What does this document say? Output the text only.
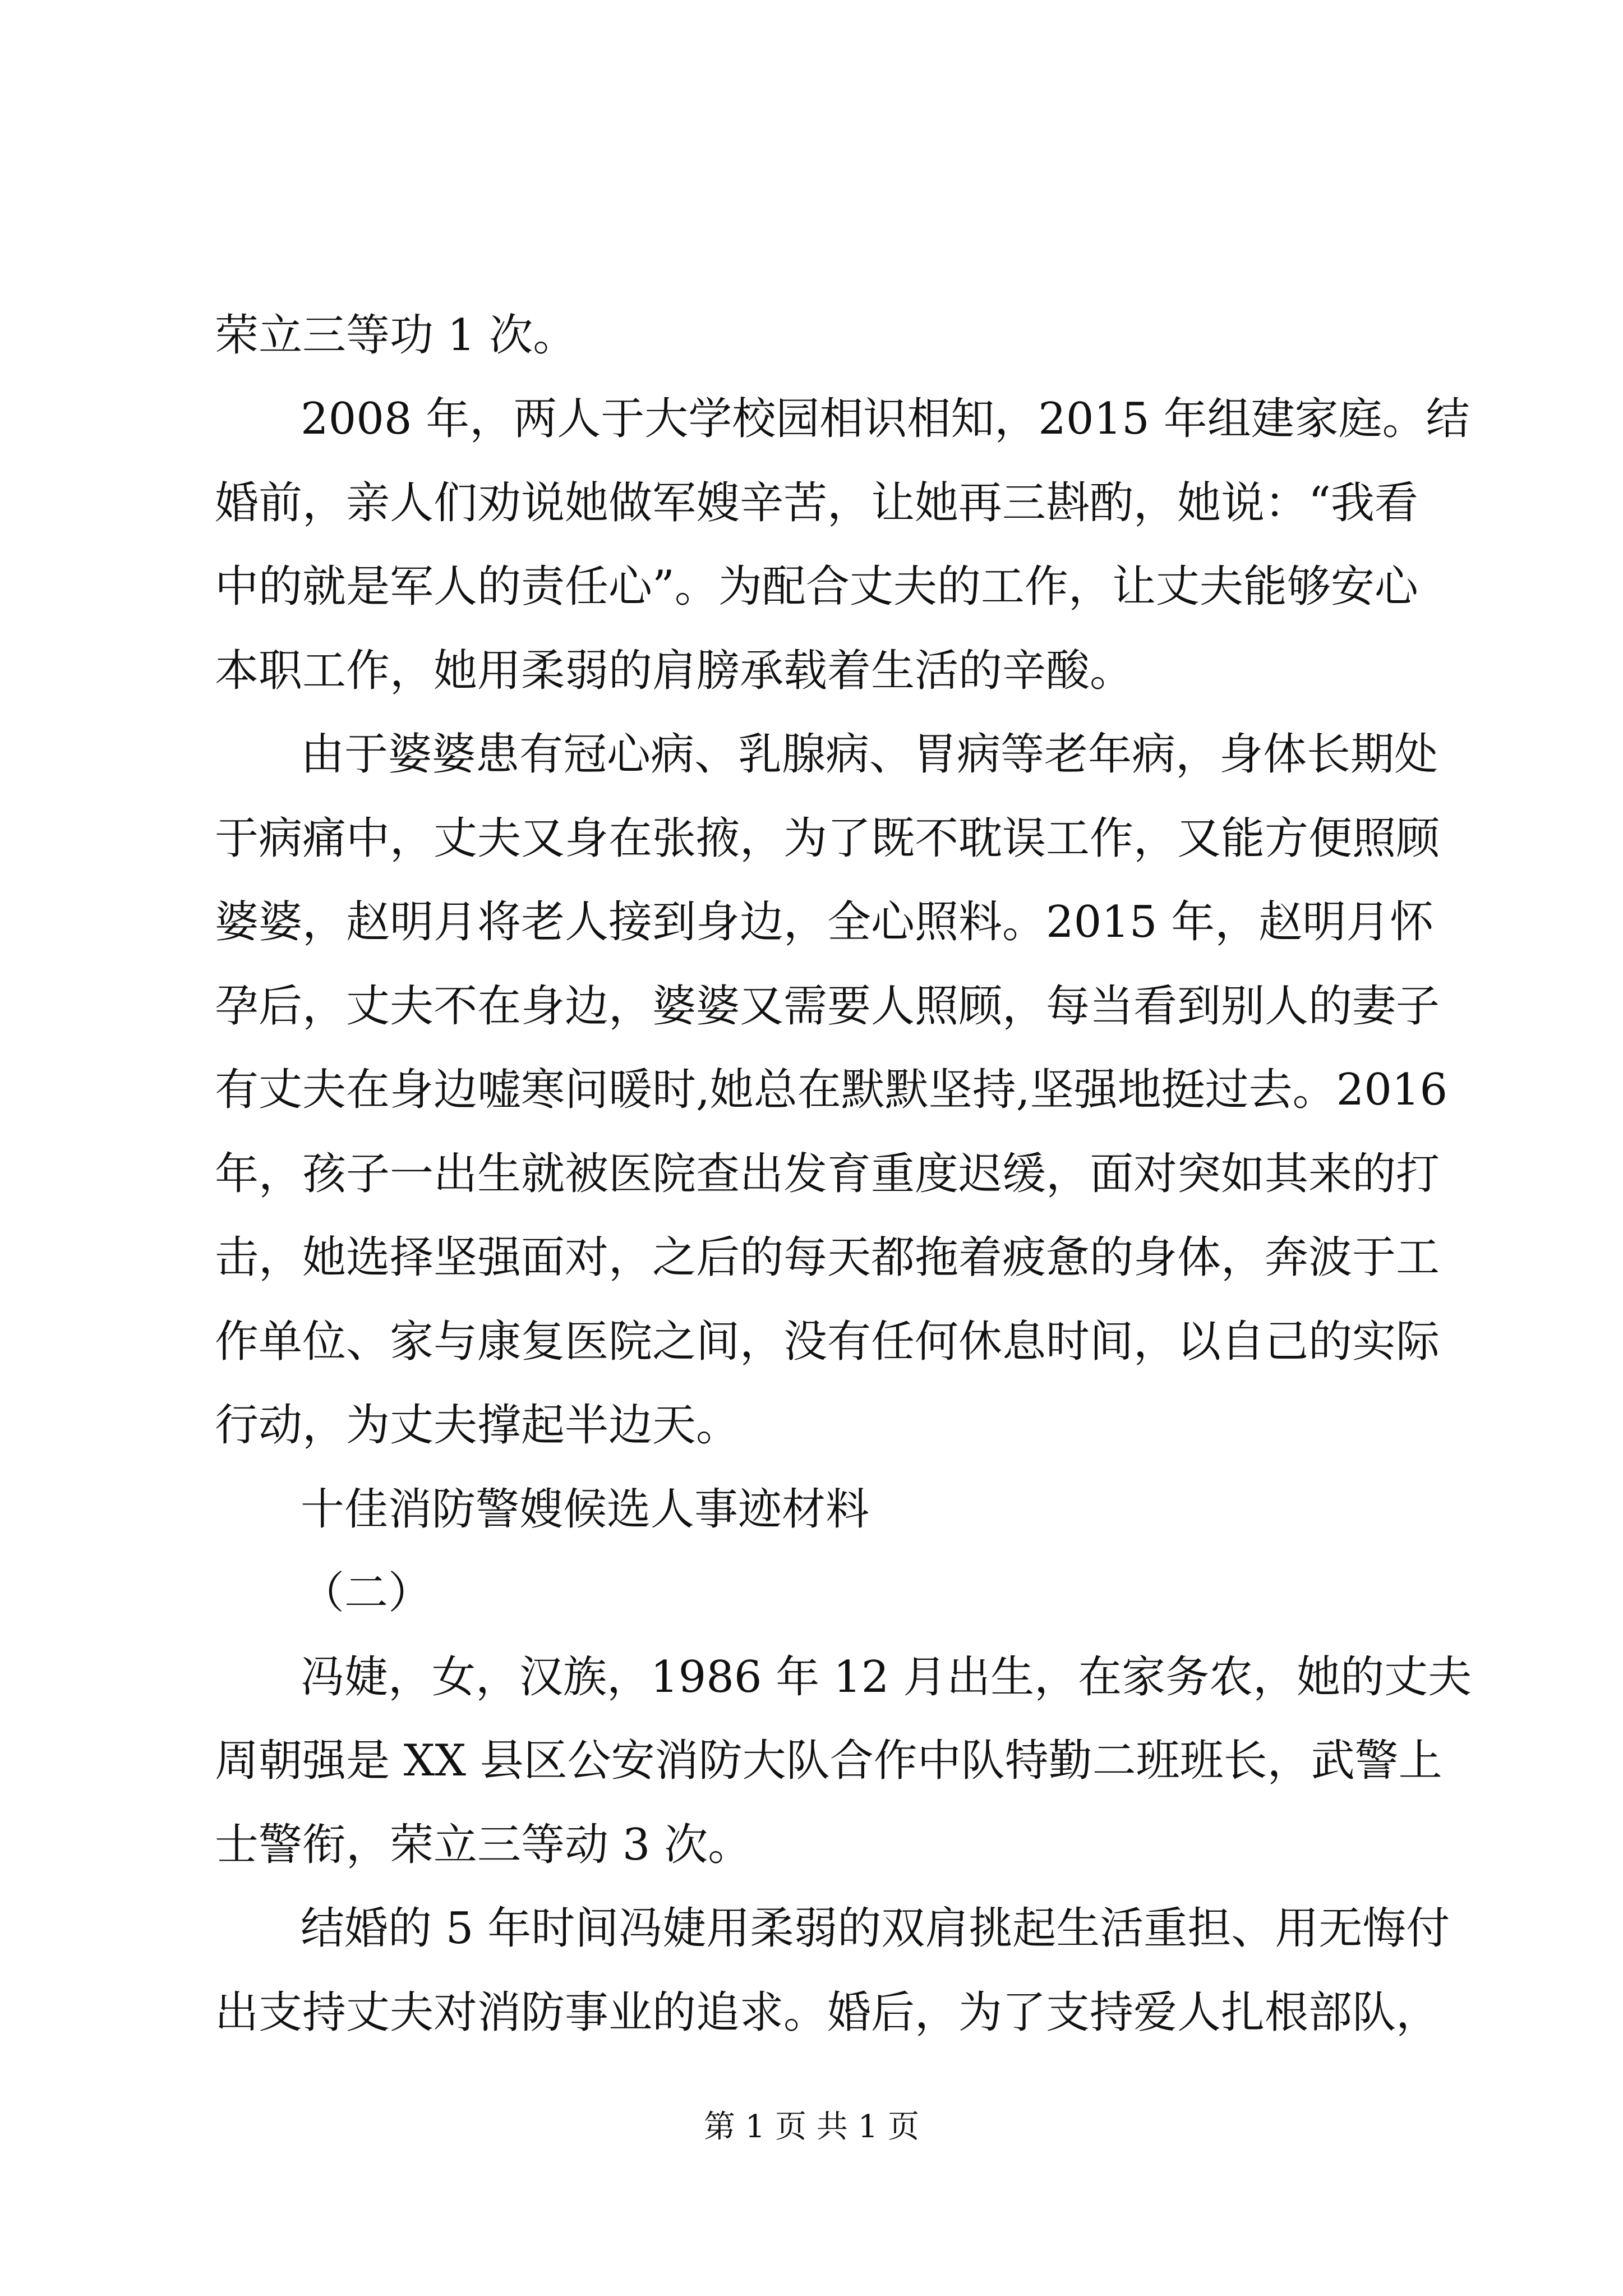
荣立三等功 1 次。
2008 年，两人于大学校园相识相知，2015 年组建家庭。结
婚前，亲人们劝说她做军嫂辛苦，让她再三斟酌，她说：“我看
中的就是军人的责任心”。为配合丈夫的工作，让丈夫能够安心
本职工作，她用柔弱的肩膀承载着生活的辛酸。
由于婆婆患有冠心病、乳腺病、胃病等老年病，身体长期处
于病痛中，丈夫又身在张掖，为了既不耽误工作，又能方便照顾
婆婆，赵明月将老人接到身边，全心照料。2015 年，赵明月怀
孕后，丈夫不在身边，婆婆又需要人照顾，每当看到别人的妻子
有丈夫在身边嘘寒问暖时,她总在默默坚持,坚强地挺过去。2016
年，孩子一出生就被医院查出发育重度迟缓，面对突如其来的打
击，她选择坚强面对，之后的每天都拖着疲惫的身体，奔波于工
作单位、家与康复医院之间，没有任何休息时间，以自己的实际
行动，为丈夫撑起半边天。
十佳消防警嫂候选人事迹材料
（二）
冯婕，女，汉族，1986 年 12 月出生，在家务农，她的丈夫
周朝强是 XX 县区公安消防大队合作中队特勤二班班长，武警上
士警衔，荣立三等动 3 次。
结婚的 5 年时间冯婕用柔弱的双肩挑起生活重担、用无悔付
出支持丈夫对消防事业的追求。婚后，为了支持爱人扎根部队，
第 1 页 共 1 页
